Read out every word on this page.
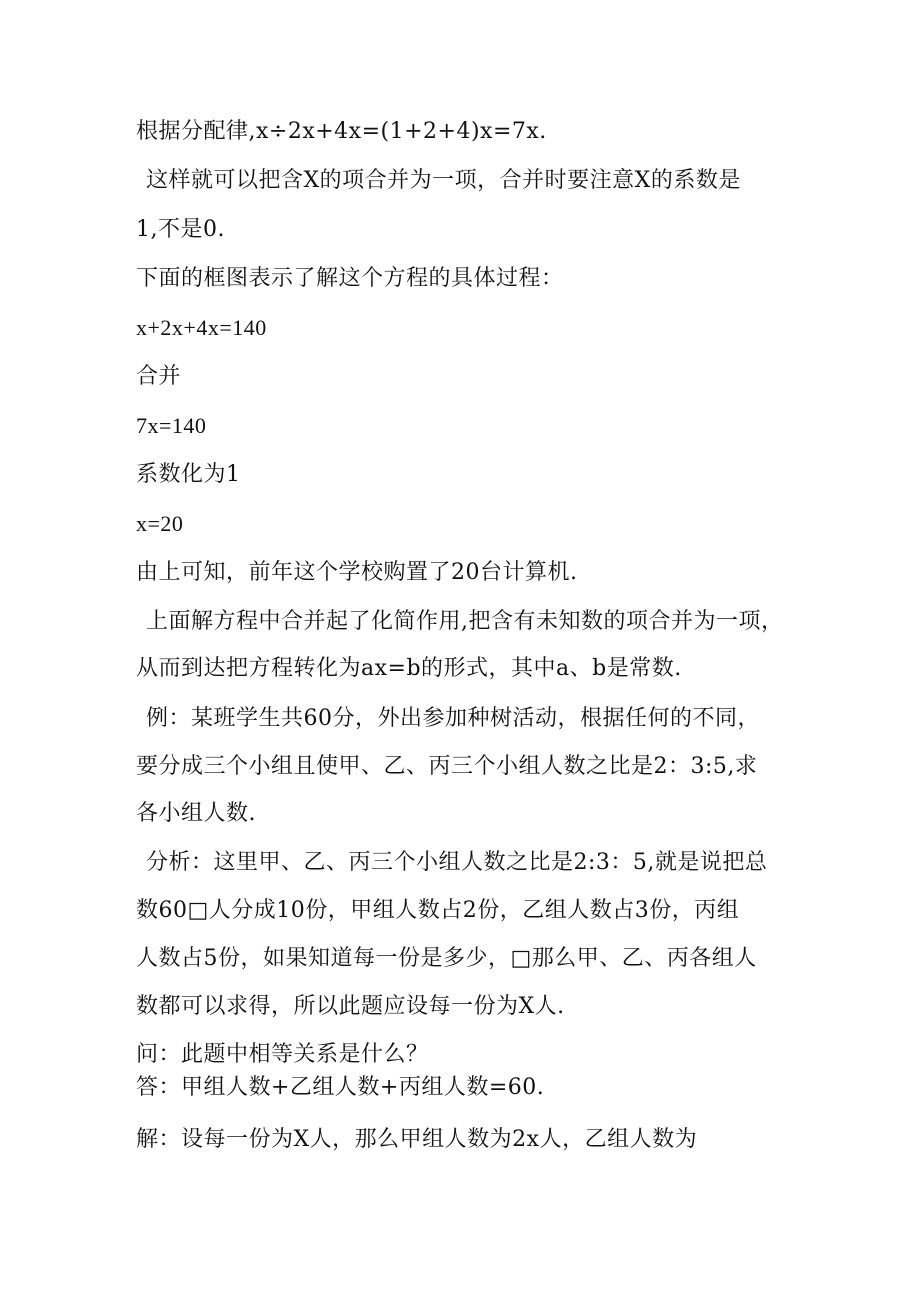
根据分配律,x÷2x+4x=(1+2+4)x=7x.
这样就可以把含X的项合并为一项，合并时要注意X的系数是
1,不是0.
下面的框图表示了解这个方程的具体过程：
x+2x+4x=140
合并
7x=140
系数化为1
x=20
由上可知，前年这个学校购置了20台计算机.
上面解方程中合并起了化简作用,把含有未知数的项合并为一项，
从而到达把方程转化为ax=b的形式，其中a、b是常数.
例：某班学生共60分，外出参加种树活动，根据任何的不同，
要分成三个小组且使甲、乙、丙三个小组人数之比是2：3:5,求
各小组人数.
分析：这里甲、乙、丙三个小组人数之比是2:3：5,就是说把总
数60□人分成10份，甲组人数占2份，乙组人数占3份，丙组
人数占5份，如果知道每一份是多少，□那么甲、乙、丙各组人
数都可以求得，所以此题应设每一份为X人.
问：此题中相等关系是什么？
答：甲组人数+乙组人数+丙组人数=60.
解：设每一份为X人，那么甲组人数为2x人，乙组人数为
